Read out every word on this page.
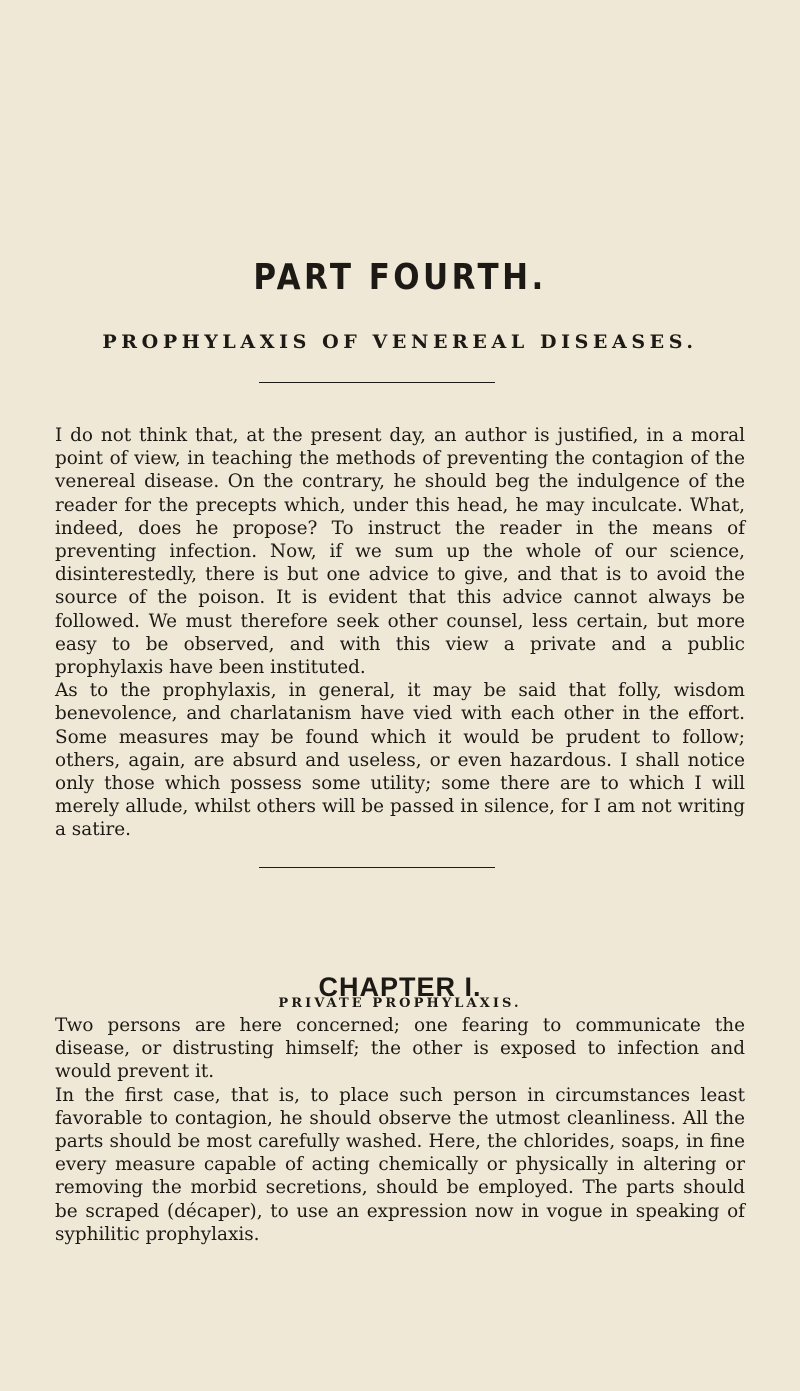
PART FOURTH.
PROPHYLAXIS OF VENEREAL DISEASES.

I do not think that, at the present day, an author is justified, in a moral point of view, in teaching the methods of preventing the contagion of the venereal disease. On the contrary, he should beg the indulgence of the reader for the precepts which, under this head, he may inculcate. What, indeed, does he propose? To instruct the reader in the means of preventing infection. Now, if we sum up the whole of our science, disinterestedly, there is but one advice to give, and that is to avoid the source of the poison. It is evident that this advice cannot always be followed. We must therefore seek other counsel, less certain, but more easy to be observed, and with this view a private and a public prophylaxis have been instituted.

As to the prophylaxis, in general, it may be said that folly, wisdom benevolence, and charlatanism have vied with each other in the effort. Some measures may be found which it would be prudent to follow; others, again, are absurd and useless, or even hazardous. I shall notice only those which possess some utility; some there are to which I will merely allude, whilst others will be passed in silence, for I am not writing a satire.

CHAPTER I.
PRIVATE PROPHYLAXIS.

Two persons are here concerned; one fearing to communicate the disease, or distrusting himself; the other is exposed to infection and would prevent it.

In the first case, that is, to place such person in circumstances least favorable to contagion, he should observe the utmost cleanliness. All the parts should be most carefully washed. Here, the chlorides, soaps, in fine every measure capable of acting chemically or physically in altering or removing the morbid secretions, should be employed. The parts should be scraped (décaper), to use an expression now in vogue in speaking of syphilitic prophylaxis.
